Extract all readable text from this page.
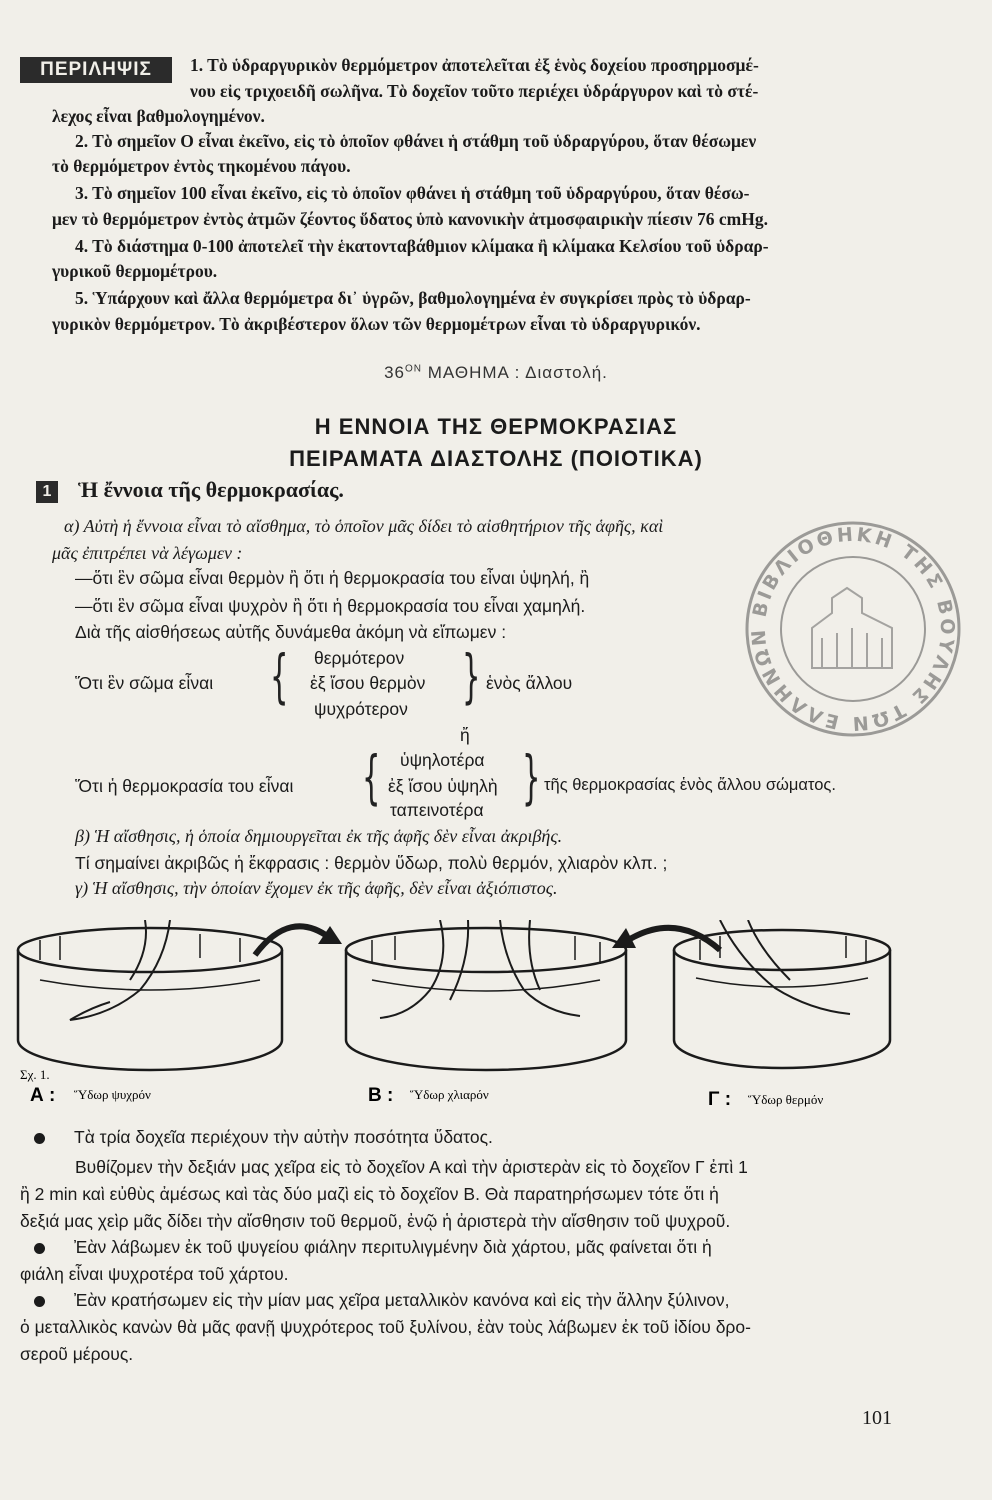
ΠΕΡΙΛΗΨΙΣ	1. Τὸ ὑδραργυρικὸν θερμόμετρον ἀποτελεῖται ἐξ ἑνὸς δοχείου προσηρμοσμέ-
νου εἰς τριχοειδῆ σωλῆνα. Τὸ δοχεῖον τοῦτο περιέχει ὑδράργυρον καὶ τὸ στέ-
λεχος εἶναι βαθμολογημένον.
2. Τὸ σημεῖον O εἶναι ἐκεῖνο, εἰς τὸ ὁποῖον φθάνει ἡ στάθμη τοῦ ὑδραργύρου, ὅταν θέσωμεν
τὸ θερμόμετρον ἐντὸς τηκομένου πάγου.
3. Τὸ σημεῖον 100 εἶναι ἐκεῖνο, εἰς τὸ ὁποῖον φθάνει ἡ στάθμη τοῦ ὑδραργύρου, ὅταν θέσω-
μεν τὸ θερμόμετρον ἐντὸς ἀτμῶν ζέοντος ὕδατος ὑπὸ κανονικὴν ἀτμοσφαιρικὴν πίεσιν 76 cmHg.
4. Τὸ διάστημα 0-100 ἀποτελεῖ τὴν ἑκατονταβάθμιον κλίμακα ἢ κλίμακα Κελσίου τοῦ ὑδραρ-
γυρικοῦ θερμομέτρου.
5. Ὑπάρχουν καὶ ἄλλα θερμόμετρα δι᾽ ὑγρῶν, βαθμολογημένα ἐν συγκρίσει πρὸς τὸ ὑδραρ-
γυρικὸν θερμόμετρον. Τὸ ἀκριβέστερον ὅλων τῶν θερμομέτρων εἶναι τὸ ὑδραργυρικόν.
$36^{ON}$ ΜΑΘΗΜΑ : Διαστολή.
Η ΕΝΝΟΙΑ ΤΗΣ ΘΕΡΜΟΚΡΑΣΙΑΣ
ΠΕΙΡΑΜΑΤΑ ΔΙΑΣΤΟΛΗΣ (ΠΟΙΟΤΙΚΑ)
1 Ἡ ἔννοια τῆς θερμοκρασίας.
α) Αὐτὴ ἡ ἔννοια εἶναι τὸ αἴσθημα, τὸ ὁποῖον μᾶς δίδει τὸ αἰσθητήριον τῆς ἁφῆς, καὶ
μᾶς ἐπιτρέπει νὰ λέγωμεν :
—ὅτι ἓν σῶμα εἶναι θερμὸν ἢ ὅτι ἡ θερμοκρασία του εἶναι ὑψηλή, ἢ
—ὅτι ἓν σῶμα εἶναι ψυχρὸν ἢ ὅτι ἡ θερμοκρασία του εἶναι χαμηλή.
Διὰ τῆς αἰσθήσεως αὐτῆς δυνάμεθα ἀκόμη νὰ εἴπωμεν :
θερμότερον
Ὅτι ἓν σῶμα εἶναι { ἐξ ἴσου θερμὸν } ἑνὸς ἄλλου
ψυχρότερον
ἤ
ὑψηλοτέρα
Ὅτι ἡ θερμοκρασία του εἶναι { ἐξ ἴσου ὑψηλὴ } τῆς θερμοκρασίας ἑνὸς ἄλλου σώματος.
ταπεινοτέρα
β) Ἡ αἴσθησις, ἡ ὁποία δημιουργεῖται ἐκ τῆς ἁφῆς δὲν εἶναι ἀκριβής.
Τί σημαίνει ἀκριβῶς ἡ ἔκφρασις : θερμὸν ὕδωρ, πολὺ θερμόν, χλιαρὸν κλπ. ;
γ) Ἡ αἴσθησις, τὴν ὁποίαν ἔχομεν ἐκ τῆς ἁφῆς, δὲν εἶναι ἀξιόπιστος.
ΒΙΒΛΙΟΘΗΚΗ ΤΗΣ ΒΟΥΛΗΣ ΤΩΝ ΕΛΛΗΝΩΝ
Σχ. 1.
Α : Ὕδωρ ψυχρόν	Β : Ὕδωρ χλιαρόν	Γ : Ὕδωρ θερμόν
Τὰ τρία δοχεῖα περιέχουν τὴν αὐτὴν ποσότητα ὕδατος.
Βυθίζομεν τὴν δεξιάν μας χεῖρα εἰς τὸ δοχεῖον Α καὶ τὴν ἀριστερὰν εἰς τὸ δοχεῖον Γ ἐπὶ 1
ἢ 2 min καὶ εὐθὺς ἀμέσως καὶ τὰς δύο μαζὶ εἰς τὸ δοχεῖον Β. Θὰ παρατηρήσωμεν τότε ὅτι ἡ
δεξιά μας χεὶρ μᾶς δίδει τὴν αἴσθησιν τοῦ θερμοῦ, ἐνῷ ἡ ἀριστερὰ τὴν αἴσθησιν τοῦ ψυχροῦ.
Ἐὰν λάβωμεν ἐκ τοῦ ψυγείου φιάλην περιτυλιγμένην διὰ χάρτου, μᾶς φαίνεται ὅτι ἡ
φιάλη εἶναι ψυχροτέρα τοῦ χάρτου.
Ἐὰν κρατήσωμεν εἰς τὴν μίαν μας χεῖρα μεταλλικὸν κανόνα καὶ εἰς τὴν ἄλλην ξύλινον,
ὁ μεταλλικὸς κανὼν θὰ μᾶς φανῇ ψυχρότερος τοῦ ξυλίνου, ἐὰν τοὺς λάβωμεν ἐκ τοῦ ἰδίου δρο-
σεροῦ μέρους.
101
